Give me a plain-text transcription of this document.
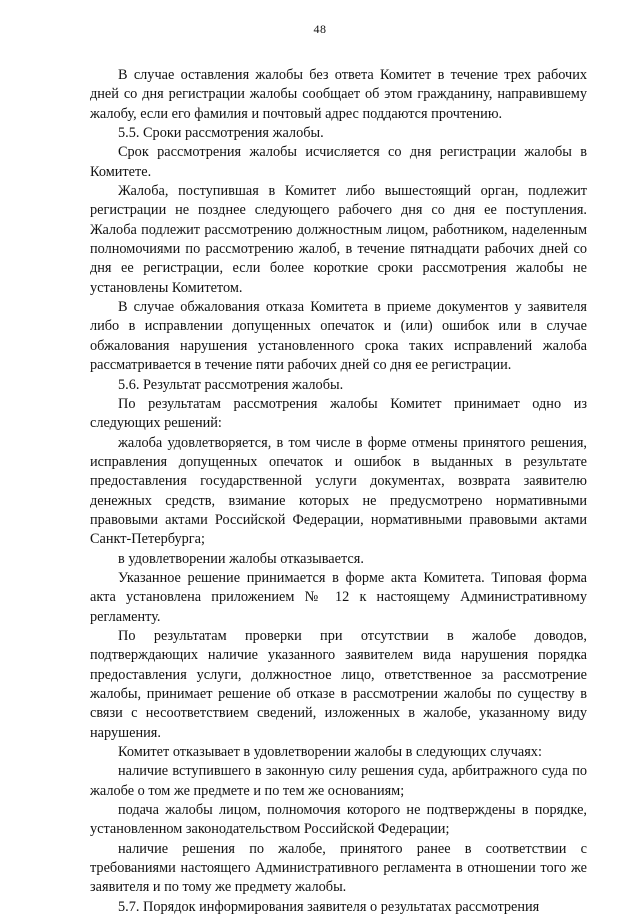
48

В случае оставления жалобы без ответа Комитет в течение трех рабочих дней со дня регистрации жалобы сообщает об этом гражданину, направившему жалобу, если его фамилия и почтовый адрес поддаются прочтению.

5.5. Сроки рассмотрения жалобы.

Срок рассмотрения жалобы исчисляется со дня регистрации жалобы в Комитете.

Жалоба, поступившая в Комитет либо вышестоящий орган, подлежит регистрации не позднее следующего рабочего дня со дня ее поступления. Жалоба подлежит рассмотрению должностным лицом, работником, наделенным полномочиями по рассмотрению жалоб, в течение пятнадцати рабочих дней со дня ее регистрации, если более короткие сроки рассмотрения жалобы не установлены Комитетом.

В случае обжалования отказа Комитета в приеме документов у заявителя либо в исправлении допущенных опечаток и (или) ошибок или в случае обжалования нарушения установленного срока таких исправлений жалоба рассматривается в течение пяти рабочих дней со дня ее регистрации.

5.6. Результат рассмотрения жалобы.

По результатам рассмотрения жалобы Комитет принимает одно из следующих решений:

жалоба удовлетворяется, в том числе в форме отмены принятого решения, исправления допущенных опечаток и ошибок в выданных в результате предоставления государственной услуги документах, возврата заявителю денежных средств, взимание которых не предусмотрено нормативными правовыми актами Российской Федерации, нормативными правовыми актами Санкт-Петербурга;

в удовлетворении жалобы отказывается.

Указанное решение принимается в форме акта Комитета. Типовая форма акта установлена приложением № 12 к настоящему Административному регламенту.

По результатам проверки при отсутствии в жалобе доводов, подтверждающих наличие указанного заявителем вида нарушения порядка предоставления услуги, должностное лицо, ответственное за рассмотрение жалобы, принимает решение об отказе в рассмотрении жалобы по существу в связи с несоответствием сведений, изложенных в жалобе, указанному виду нарушения.

Комитет отказывает в удовлетворении жалобы в следующих случаях:

наличие вступившего в законную силу решения суда, арбитражного суда по жалобе о том же предмете и по тем же основаниям;

подача жалобы лицом, полномочия которого не подтверждены в порядке, установленном законодательством Российской Федерации;

наличие решения по жалобе, принятого ранее в соответствии с требованиями настоящего Административного регламента в отношении того же заявителя и по тому же предмету жалобы.

5.7. Порядок информирования заявителя о результатах рассмотрения
